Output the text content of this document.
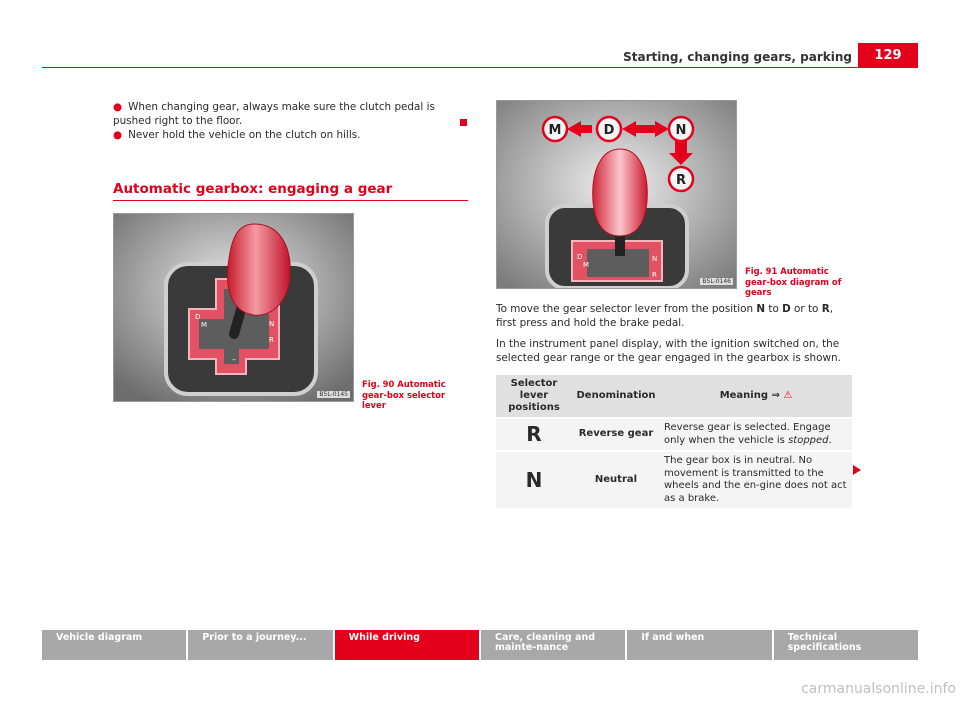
Starting, changing gears, parking	129
● When changing gear, always make sure the clutch pedal is pushed right to the floor.
● Never hold the vehicle on the clutch on hills.
Automatic gearbox: engaging a gear
D
M	N
R
–
B5L-0145
Fig. 90 Automatic gear-box selector lever
D
M
N
R
M	D	N
R
B5L-0146
Fig. 91 Automatic gear-box diagram of gears
To move the gear selector lever from the position N to D or to R, first press and hold the brake pedal.
In the instrument panel display, with the ignition switched on, the selected gear range or the gear engaged in the gearbox is shown.
Selector lever positions	Denomination	Meaning ⇒ ⚠
R	Reverse gear	Reverse gear is selected. Engage only when the vehicle is stopped.
N	Neutral	The gear box is in neutral. No movement is transmitted to the wheels and the en-gine does not act as a brake.
Vehicle diagram	Prior to a journey...	While driving	Care, cleaning and mainte-nance
If and when	Technical specifications
carmanualsonline.info
